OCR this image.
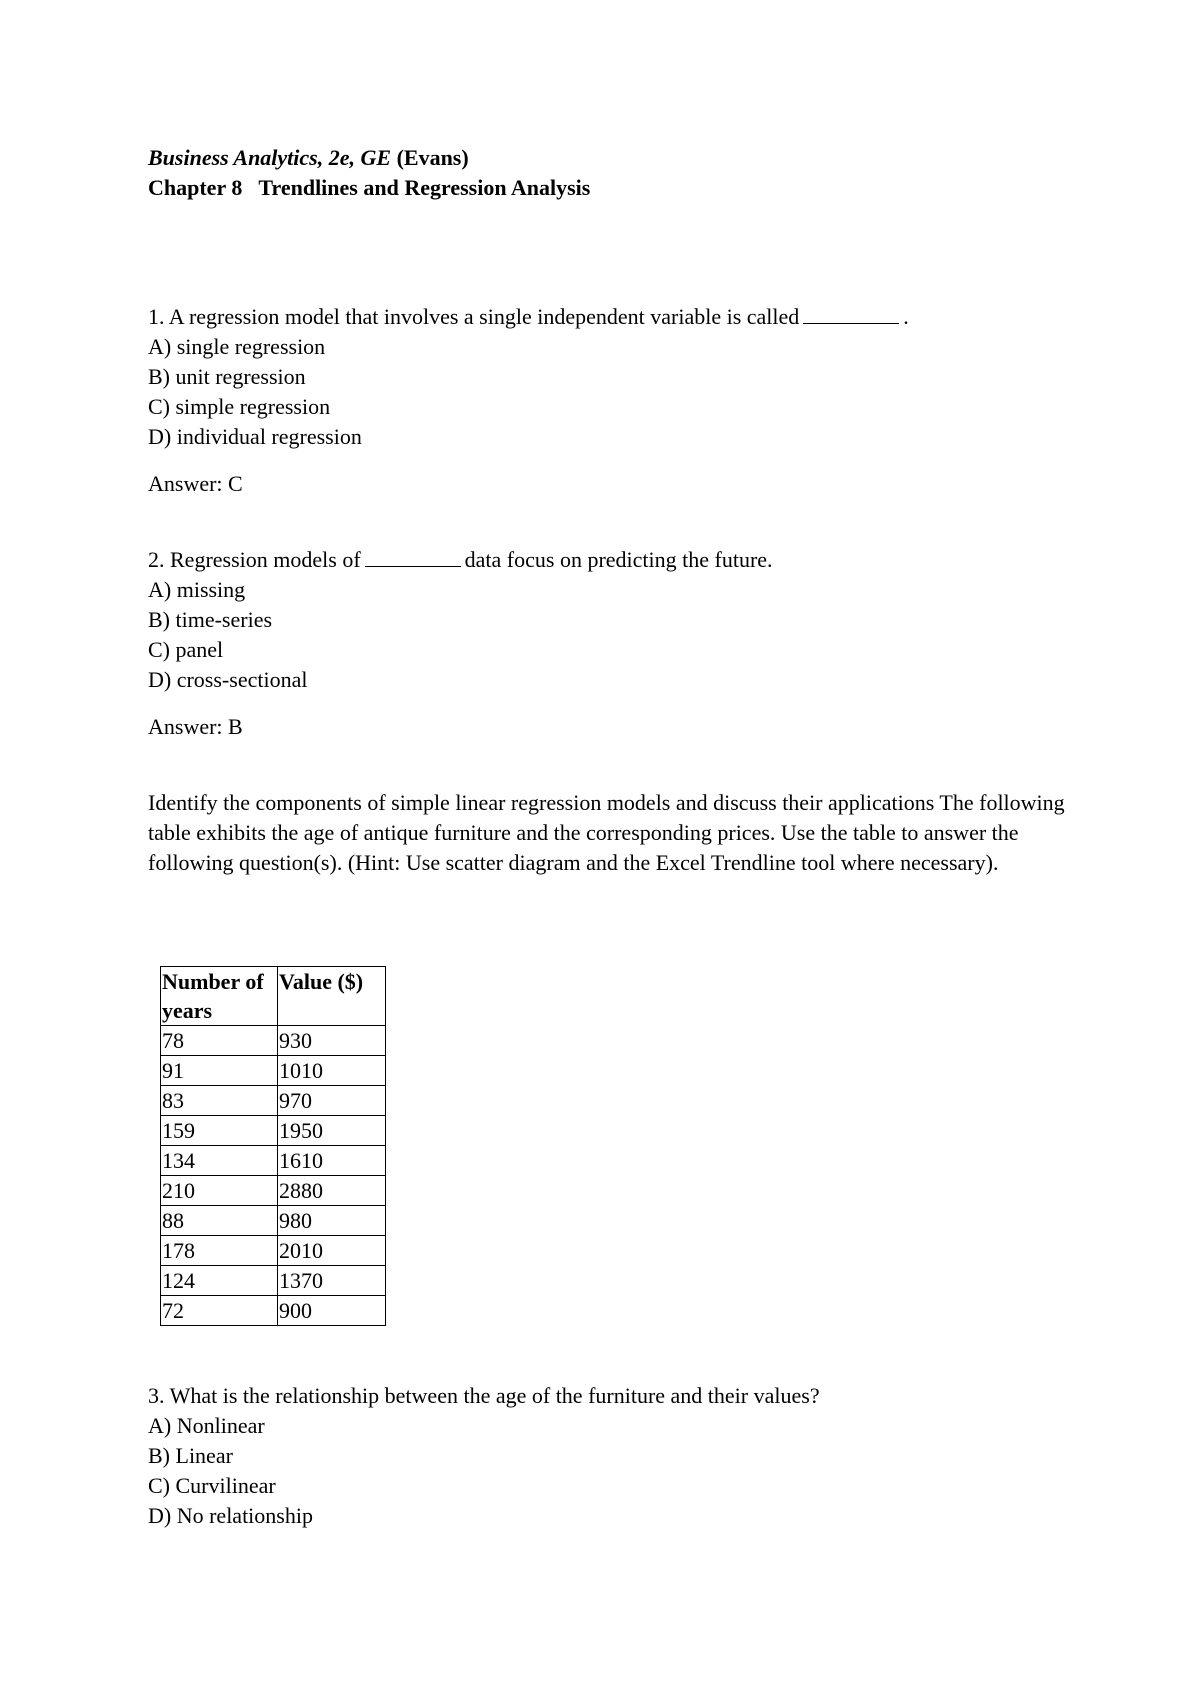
Business Analytics, 2e, GE (Evans)
Chapter 8   Trendlines and Regression Analysis
1. A regression model that involves a single independent variable is called	.
A) single regression
B) unit regression
C) simple regression
D) individual regression
Answer: C
2. Regression models of	data focus on predicting the future.
A) missing
B) time-series
C) panel
D) cross-sectional
Answer: B
Identify the components of simple linear regression models and discuss their applications The following table exhibits the age of antique furniture and the corresponding prices. Use the table to answer the following question(s). (Hint: Use scatter diagram and the Excel Trendline tool where necessary).
Number of years	Value ($)
78	930
91	1010
83	970
159	1950
134	1610
210	2880
88	980
178	2010
124	1370
72	900
3. What is the relationship between the age of the furniture and their values?
A) Nonlinear
B) Linear
C) Curvilinear
D) No relationship
